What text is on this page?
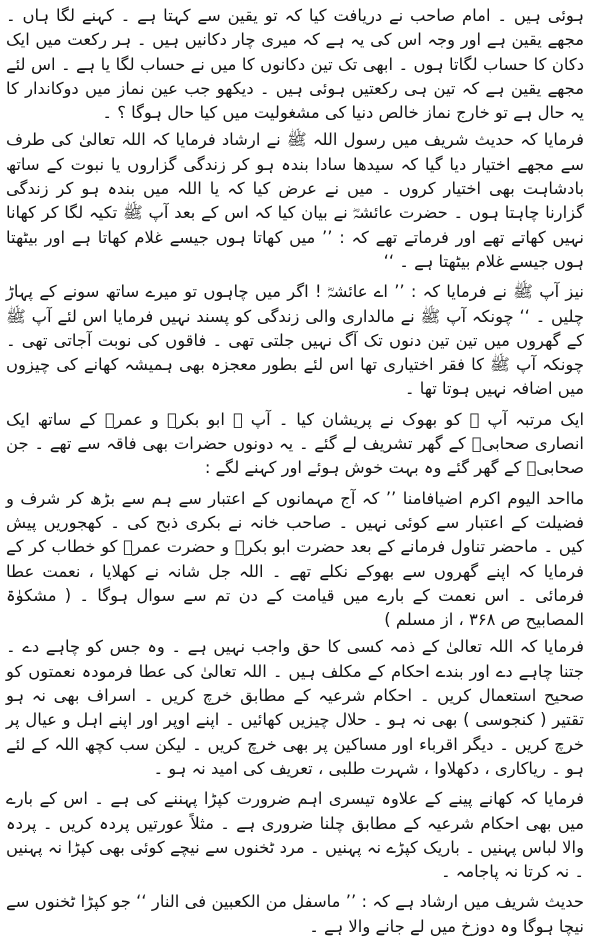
ہوئی ہیں ۔ امام صاحب نے دریافت کیا کہ تو یقین سے کہتا ہے ۔ کہنے لگا ہاں ۔ مجھے یقین ہے اور وجہ اس کی یہ ہے کہ میری چار دکانیں ہیں ۔ ہر رکعت میں ایک دکان کا حساب لگاتا ہوں ۔ ابھی تک تین دکانوں کا میں نے حساب لگا یا ہے ۔ اس لئے مجھے یقین ہے کہ تین ہی رکعتیں ہوئی ہیں ۔ دیکھو جب عین نماز میں دوکاندار کا یہ حال ہے تو خارج نماز خالص دنیا کی مشغولیت میں کیا حال ہوگا ؟ ۔

فرمایا کہ حدیث شریف میں رسول اللہ ﷺ نے ارشاد فرمایا کہ اللہ تعالیٰ کی طرف سے مجھے اختیار دیا گیا کہ سیدھا سادا بندہ ہو کر زندگی گزاروں یا نبوت کے ساتھ بادشاہت بھی اختیار کروں ۔ میں نے عرض کیا کہ یا اللہ میں بندہ ہو کر زندگی گزارنا چاہتا ہوں ۔ حضرت عائشہؓ نے بیان کیا کہ اس کے بعد آپ ﷺ تکیہ لگا کر کھانا نہیں کھاتے تھے اور فرماتے تھے کہ : ’’ میں کھاتا ہوں جیسے غلام کھاتا ہے اور بیٹھتا ہوں جیسے غلام بیٹھتا ہے ۔ ‘‘

نیز آپ ﷺ نے فرمایا کہ : ’’ اے عائشہؓ ! اگر میں چاہوں تو میرے ساتھ سونے کے پہاڑ چلیں ۔ ‘‘ چونکہ آپ ﷺ نے مالداری والی زندگی کو پسند نہیں فرمایا اس لئے آپ ﷺ کے گھروں میں تین تین دنوں تک آگ نہیں جلتی تھی ۔ فاقوں کی نوبت آجاتی تھی ۔ چونکہ آپ ﷺ کا فقر اختیاری تھا اس لئے بطور معجزہ بھی ہمیشہ کھانے کی چیزوں میں اضافہ نہیں ہوتا تھا ۔

ایک مرتبہ آپ ﷺ کو بھوک نے پریشان کیا ۔ آپ ﷺ ابو بکرؓ و عمرؓ کے ساتھ ایک انصاری صحابیؓ کے گھر تشریف لے گئے ۔ یہ دونوں حضرات بھی فاقہ سے تھے ۔ جن صحابیؓ کے گھر گئے وہ بہت خوش ہوئے اور کہنے لگے :

مااحد الیوم اکرم اضیافامنا ’’ کہ آج مہمانوں کے اعتبار سے ہم سے بڑھ کر شرف و فضیلت کے اعتبار سے کوئی نہیں ۔ صاحب خانہ نے بکری ذبح کی ۔ کھجوریں پیش کیں ۔ ماحضر تناول فرمانے کے بعد حضرت ابو بکرؓ و حضرت عمرؓ کو خطاب کر کے فرمایا کہ اپنے گھروں سے بھوکے نکلے تھے ۔ اللہ جل شانہ نے کھلایا ، نعمت عطا فرمائی ۔ اس نعمت کے بارے میں قیامت کے دن تم سے سوال ہوگا ۔ ( مشکوٰۃ المصابیح ص ۳۶۸ ، از مسلم )

فرمایا کہ اللہ تعالیٰ کے ذمہ کسی کا حق واجب نہیں ہے ۔ وہ جس کو چاہے دے ۔ جتنا چاہے دے اور بندے احکام کے مکلف ہیں ۔ اللہ تعالیٰ کی عطا فرمودہ نعمتوں کو صحیح استعمال کریں ۔ احکام شرعیہ کے مطابق خرچ کریں ۔ اسراف بھی نہ ہو تقتیر ( کنجوسی ) بھی نہ ہو ۔ حلال چیزیں کھائیں ۔ اپنے اوپر اور اپنے اہل و عیال پر خرچ کریں ۔ دیگر اقرباء اور مساکین پر بھی خرچ کریں ۔ لیکن سب کچھ اللہ کے لئے ہو ۔ ریاکاری ، دکھلاوا ، شہرت طلبی ، تعریف کی امید نہ ہو ۔

فرمایا کہ کھانے پینے کے علاوہ تیسری اہم ضرورت کپڑا پہننے کی ہے ۔ اس کے بارے میں بھی احکام شرعیہ کے مطابق چلنا ضروری ہے ۔ مثلاً عورتیں پردہ کریں ۔ پردہ والا لباس پہنیں ۔ باریک کپڑے نہ پہنیں ۔ مرد ٹخنوں سے نیچے کوئی بھی کپڑا نہ پہنیں ۔ نہ کرتا نہ پاجامہ ۔

حدیث شریف میں ارشاد ہے کہ : ’’ ماسفل من الکعبین فی النار ‘‘ جو کپڑا ٹخنوں سے نیچا ہوگا وہ دوزخ میں لے جانے والا ہے ۔
